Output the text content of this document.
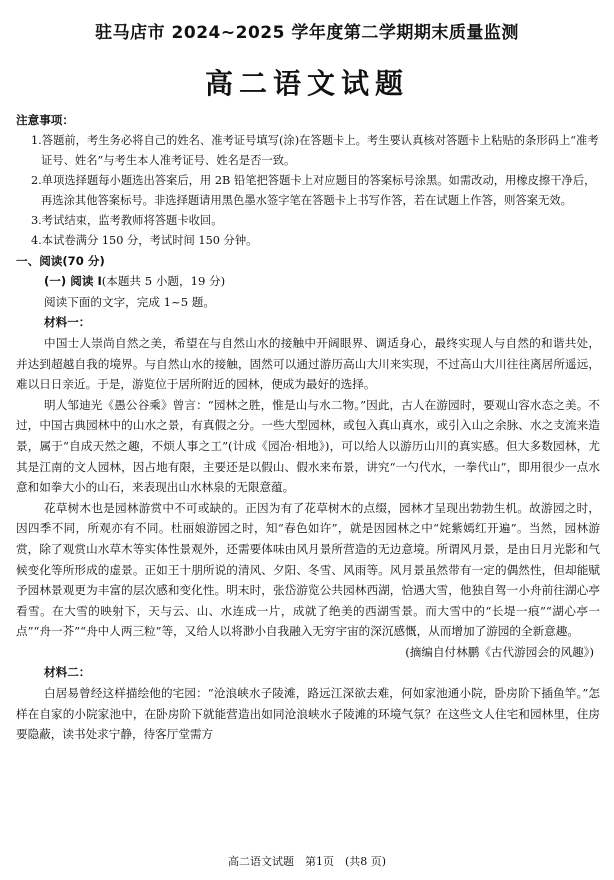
驻马店市 2024~2025 学年度第二学期期末质量监测
高二语文试题
注意事项：
1.答题前，考生务必将自己的姓名、准考证号填写(涂)在答题卡上。考生要认真核对答题卡上粘贴的条形码上“准考证号、姓名”与考生本人准考证号、姓名是否一致。
2.单项选择题每小题选出答案后，用 2B 铅笔把答题卡上对应题目的答案标号涂黑。如需改动，用橡皮擦干净后，再选涂其他答案标号。非选择题请用黑色墨水签字笔在答题卡上书写作答，若在试题上作答，则答案无效。
3.考试结束，监考教师将答题卡收回。
4.本试卷满分 150 分，考试时间 150 分钟。
一、阅读(70 分)
(一) 阅读 Ⅰ(本题共 5 小题，19 分)
阅读下面的文字，完成 1~5 题。
材料一：
中国士人崇尚自然之美，希望在与自然山水的接触中开阔眼界、调适身心，最终实现人与自然的和谐共处，并达到超越自我的境界。与自然山水的接触，固然可以通过游历高山大川来实现，不过高山大川往往离居所遥远，难以日日亲近。于是，游览位于居所附近的园林，便成为最好的选择。
明人邹迪光《愚公谷乘》曾言：“园林之胜，惟是山与水二物。”因此，古人在游园时，要观山容水态之美。不过，中国古典园林中的山水之景，有真假之分。一些大型园林，或包入真山真水，或引入山之余脉、水之支流来造景，属于“自成天然之趣，不烦人事之工”(计成《园冶·相地》)，可以给人以游历山川的真实感。但大多数园林，尤其是江南的文人园林，因占地有限，主要还是以假山、假水来布景，讲究“一勺代水，一拳代山”，即用很少一点水意和如拳大小的山石，来表现出山水林泉的无限意蕴。
花草树木也是园林游赏中不可或缺的。正因为有了花草树木的点缀，园林才呈现出勃勃生机。故游园之时，因四季不同，所观亦有不同。杜丽娘游园之时，知“春色如许”，就是因园林之中“姹紫嫣红开遍”。当然，园林游赏，除了观赏山水草木等实体性景观外，还需要体味由风月景所营造的无边意境。所谓风月景，是由日月光影和气候变化等所形成的虚景。正如王十朋所说的清风、夕阳、冬雪、风雨等。风月景虽然带有一定的偶然性，但却能赋予园林景观更为丰富的层次感和变化性。明末时，张岱游览公共园林西湖，恰遇大雪，他独自驾一小舟前往湖心亭看雪。在大雪的映射下，天与云、山、水连成一片，成就了绝美的西湖雪景。而大雪中的“长堤一痕”“湖心亭一点”“舟一芥”“舟中人两三粒”等，又给人以将渺小自我融入无穷宇宙的深沉感慨，从而增加了游园的全新意趣。
(摘编自付林鹏《古代游园会的风趣》)
材料二：
白居易曾经这样描绘他的宅园：“沧浪峡水子陵滩，路远江深欲去难，何如家池通小院，卧房阶下插鱼竿。”怎样在自家的小院家池中，在卧房阶下就能营造出如同沧浪峡水子陵滩的环境气氛？在这些文人住宅和园林里，住房要隐蔽，读书处求宁静，待客厅堂需方
高二语文试题　第1页　(共8 页)
